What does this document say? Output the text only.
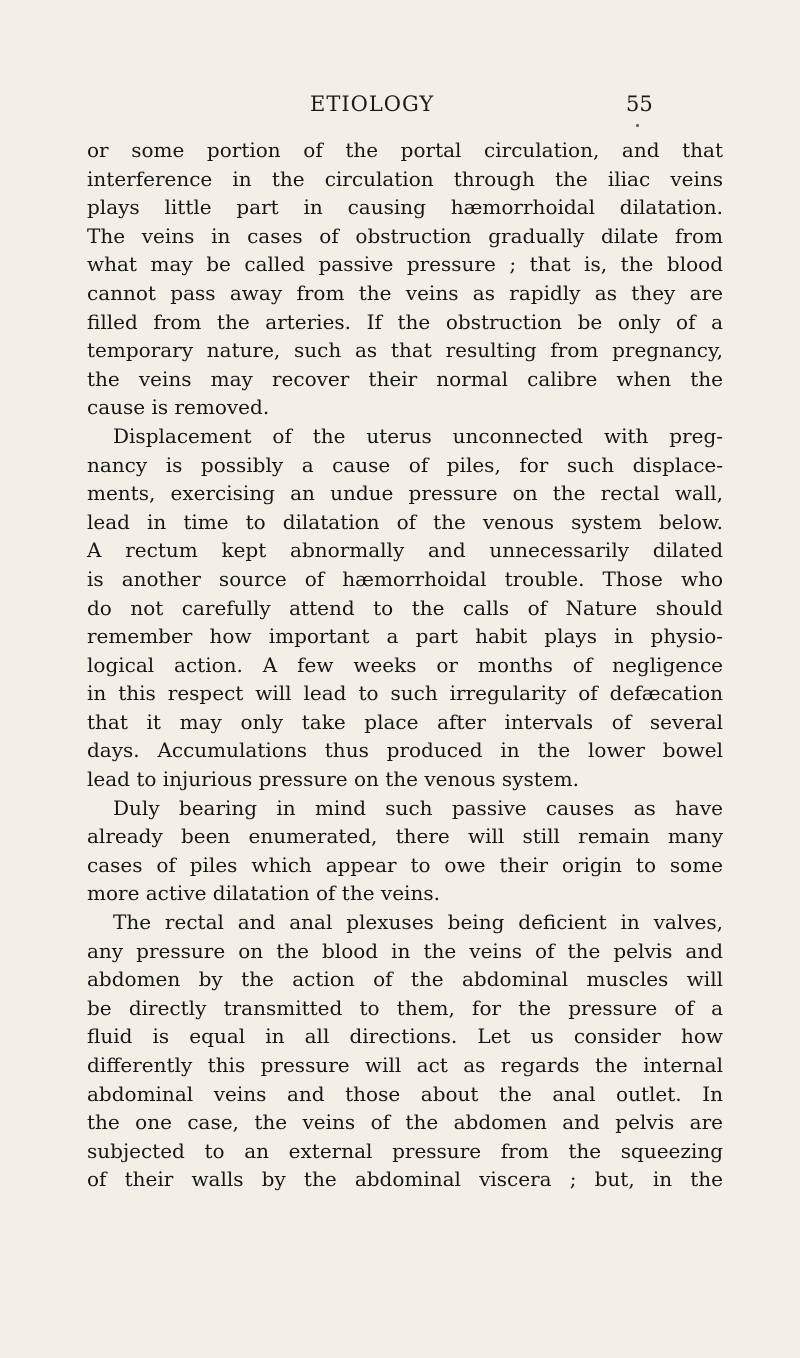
ETIOLOGY	55
or some portion of the portal circulation, and that
interference in the circulation through the iliac veins
plays little part in causing hæmorrhoidal dilatation.
The veins in cases of obstruction gradually dilate from
what may be called passive pressure ; that is, the blood
cannot pass away from the veins as rapidly as they are
filled from the arteries. If the obstruction be only of a
temporary nature, such as that resulting from pregnancy,
the veins may recover their normal calibre when the
cause is removed.
Displacement of the uterus unconnected with preg-
nancy is possibly a cause of piles, for such displace-
ments, exercising an undue pressure on the rectal wall,
lead in time to dilatation of the venous system below.
A rectum kept abnormally and unnecessarily dilated
is another source of hæmorrhoidal trouble. Those who
do not carefully attend to the calls of Nature should
remember how important a part habit plays in physio-
logical action. A few weeks or months of negligence
in this respect will lead to such irregularity of defæcation
that it may only take place after intervals of several
days. Accumulations thus produced in the lower bowel
lead to injurious pressure on the venous system.
Duly bearing in mind such passive causes as have
already been enumerated, there will still remain many
cases of piles which appear to owe their origin to some
more active dilatation of the veins.
The rectal and anal plexuses being deficient in valves,
any pressure on the blood in the veins of the pelvis and
abdomen by the action of the abdominal muscles will
be directly transmitted to them, for the pressure of a
fluid is equal in all directions. Let us consider how
differently this pressure will act as regards the internal
abdominal veins and those about the anal outlet. In
the one case, the veins of the abdomen and pelvis are
subjected to an external pressure from the squeezing
of their walls by the abdominal viscera ; but, in the
